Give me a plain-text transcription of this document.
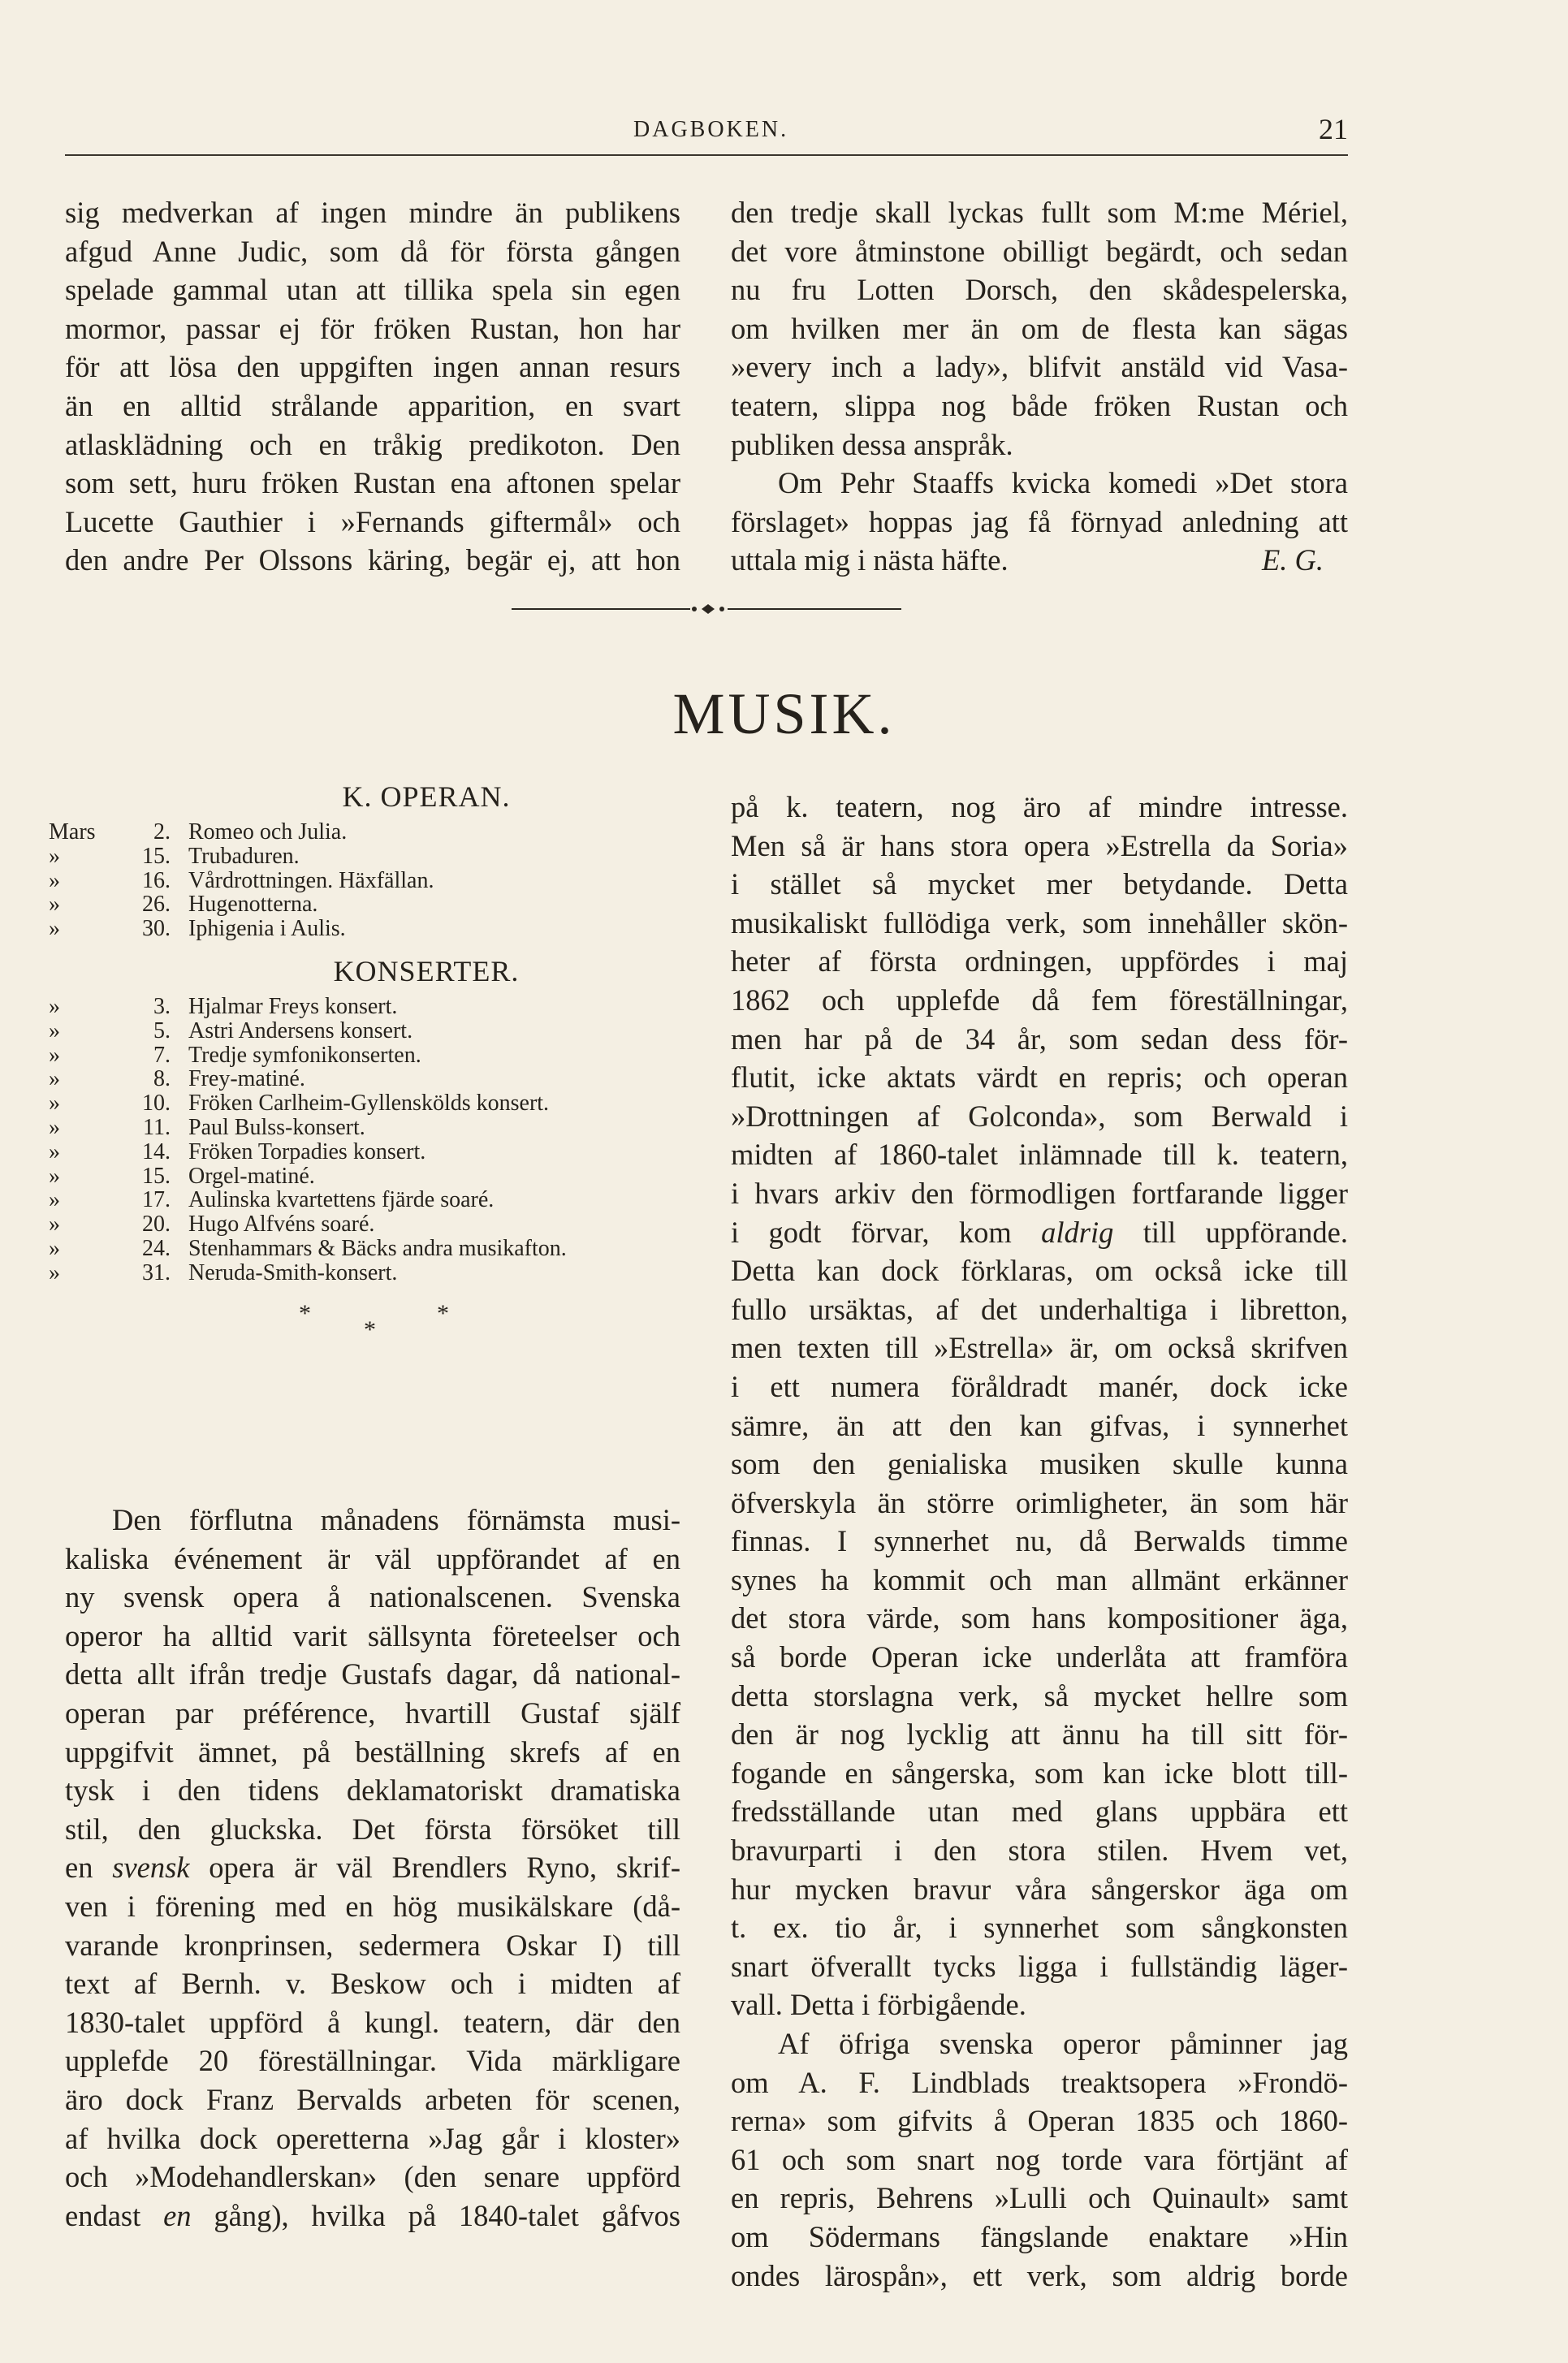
DAGBOKEN.	21

sig medverkan af ingen mindre än publikens
afgud Anne Judic, som då för första gången
spelade gammal utan att tillika spela sin egen
mormor, passar ej för fröken Rustan, hon har
för att lösa den uppgiften ingen annan resurs
än en alltid strålande apparition, en svart
atlasklädning och en tråkig predikoton. Den
som sett, huru fröken Rustan ena aftonen spelar
Lucette Gauthier i »Fernands giftermål» och
den andre Per Olssons käring, begär ej, att hon

den tredje skall lyckas fullt som M:me Mériel,
det vore åtminstone obilligt begärdt, och sedan
nu fru Lotten Dorsch, den skådespelerska,
om hvilken mer än om de flesta kan sägas
»every inch a lady», blifvit anstäld vid Vasa-
teatern, slippa nog både fröken Rustan och
publiken dessa anspråk.

Om Pehr Staaffs kvicka komedi »Det stora
förslaget» hoppas jag få förnyad anledning att
uttala mig i nästa häfte.	E. G.

MUSIK.
K. OPERAN.
Mars	2. Romeo och Julia.
»	15. Trubaduren.
»	16. Vårdrottningen. Häxfällan.
»	26. Hugenotterna.
»	30. Iphigenia i Aulis.
KONSERTER.
»	3. Hjalmar Freys konsert.
»	5. Astri Andersens konsert.
»	7. Tredje symfonikonserten.
»	8. Frey-matiné.
»	10. Fröken Carlheim-Gyllenskölds konsert.
»	11. Paul Bulss-konsert.
»	14. Fröken Torpadies konsert.
»	15. Orgel-matiné.
»	17. Aulinska kvartettens fjärde soaré.
»	20. Hugo Alfvéns soaré.
»	24. Stenhammars & Bäcks andra musikafton.
»	31. Neruda-Smith-konsert.
*
*
*

Den förflutna månadens förnämsta musi-
kaliska événement är väl uppförandet af en
ny svensk opera å nationalscenen. Svenska
operor ha alltid varit sällsynta företeelser och
detta allt ifrån tredje Gustafs dagar, då national-
operan par préférence, hvartill Gustaf själf
uppgifvit ämnet, på beställning skrefs af en
tysk i den tidens deklamatoriskt dramatiska
stil, den gluckska. Det första försöket till
en svensk opera är väl Brendlers Ryno, skrif-
ven i förening med en hög musikälskare (då-
varande kronprinsen, sedermera Oskar I) till
text af Bernh. v. Beskow och i midten af
1830-talet uppförd å kungl. teatern, där den
upplefde 20 föreställningar. Vida märkligare
äro dock Franz Bervalds arbeten för scenen,
af hvilka dock operetterna »Jag går i kloster»
och »Modehandlerskan» (den senare uppförd
endast en gång), hvilka på 1840-talet gåfvos

på k. teatern, nog äro af mindre intresse.
Men så är hans stora opera »Estrella da Soria»
i stället så mycket mer betydande. Detta
musikaliskt fullödiga verk, som innehåller skön-
heter af första ordningen, uppfördes i maj
1862 och upplefde då fem föreställningar,
men har på de 34 år, som sedan dess för-
flutit, icke aktats värdt en repris; och operan
»Drottningen af Golconda», som Berwald i
midten af 1860-talet inlämnade till k. teatern,
i hvars arkiv den förmodligen fortfarande ligger
i godt förvar, kom aldrig till uppförande.
Detta kan dock förklaras, om också icke till
fullo ursäktas, af det underhaltiga i libretton,
men texten till »Estrella» är, om också skrifven
i ett numera föråldradt manér, dock icke
sämre, än att den kan gifvas, i synnerhet
som den genialiska musiken skulle kunna
öfverskyla än större orimligheter, än som här
finnas. I synnerhet nu, då Berwalds timme
synes ha kommit och man allmänt erkänner
det stora värde, som hans kompositioner äga,
så borde Operan icke underlåta att framföra
detta storslagna verk, så mycket hellre som
den är nog lycklig att ännu ha till sitt för-
fogande en sångerska, som kan icke blott till-
fredsställande utan med glans uppbära ett
bravurparti i den stora stilen. Hvem vet,
hur mycken bravur våra sångerskor äga om
t. ex. tio år, i synnerhet som sångkonsten
snart öfverallt tycks ligga i fullständig läger-
vall. Detta i förbigående.

Af öfriga svenska operor påminner jag
om A. F. Lindblads treaktsopera »Frondö-
rerna» som gifvits å Operan 1835 och 1860-
61 och som snart nog torde vara förtjänt af
en repris, Behrens »Lulli och Quinault» samt
om Södermans fängslande enaktare »Hin
ondes lärospån», ett verk, som aldrig borde
